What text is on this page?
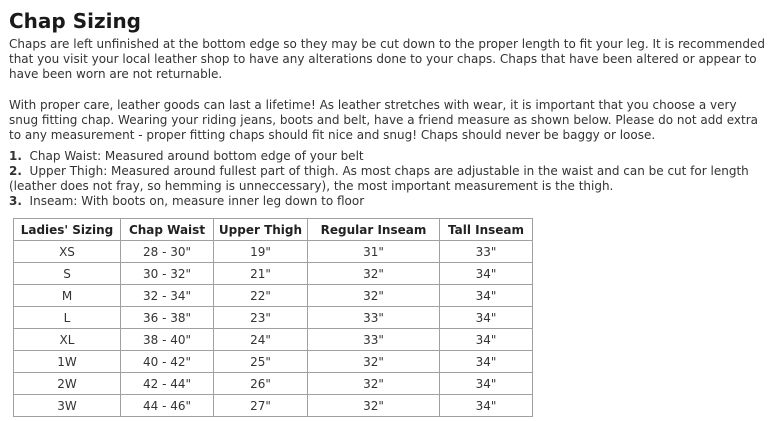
Chap Sizing

Chaps are left unfinished at the bottom edge so they may be cut down to the proper length to fit your leg. It is recommended that you visit your local leather shop to have any alterations done to your chaps. Chaps that have been altered or appear to have been worn are not returnable.

With proper care, leather goods can last a lifetime! As leather stretches with wear, it is important that you choose a very snug fitting chap. Wearing your riding jeans, boots and belt, have a friend measure as shown below. Please do not add extra to any measurement - proper fitting chaps should fit nice and snug! Chaps should never be baggy or loose.

1.  Chap Waist: Measured around bottom edge of your belt
2.  Upper Thigh: Measured around fullest part of thigh. As most chaps are adjustable in the waist and can be cut for length (leather does not fray, so hemming is unneccessary), the most important measurement is the thigh.
3.  Inseam: With boots on, measure inner leg down to floor
Ladies' Sizing	Chap Waist	Upper Thigh	Regular Inseam	Tall Inseam
XS	28 - 30"	19"	31"	33"
S	30 - 32"	21"	32"	34"
M	32 - 34"	22"	32"	34"
L	36 - 38"	23"	33"	34"
XL	38 - 40"	24"	33"	34"
1W	40 - 42"	25"	32"	34"
2W	42 - 44"	26"	32"	34"
3W	44 - 46"	27"	32"	34"
